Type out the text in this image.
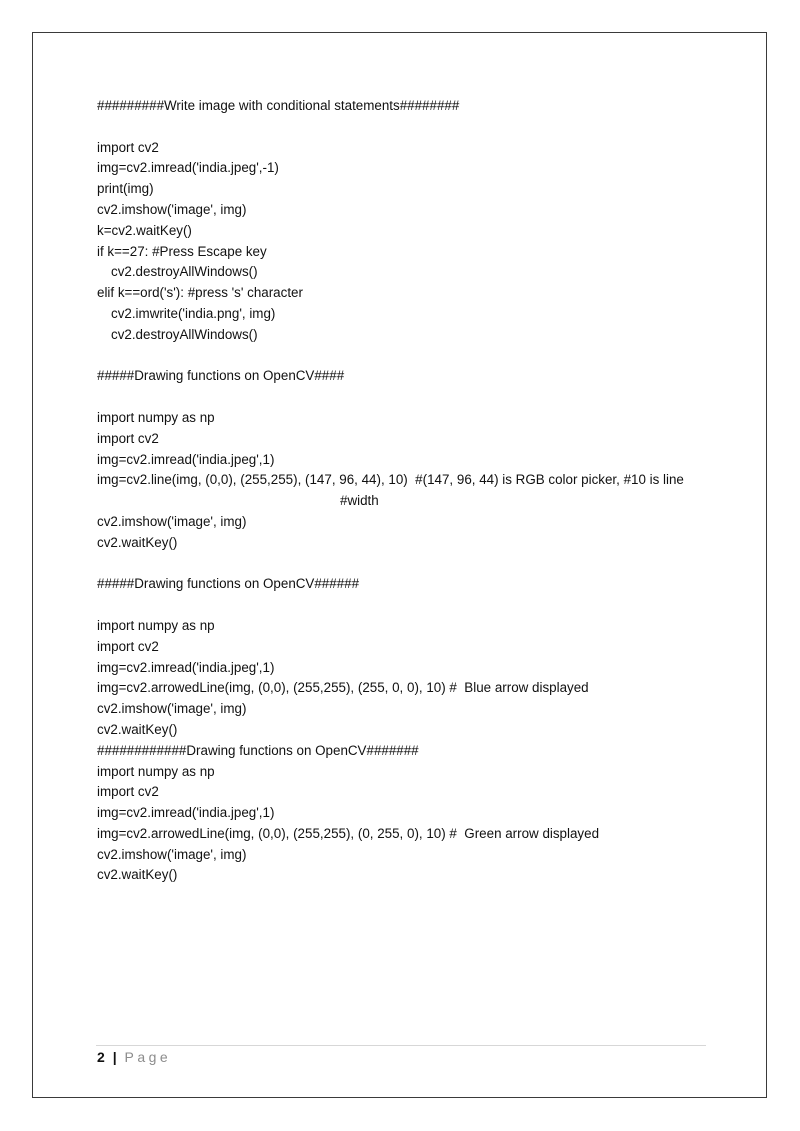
#########Write image with conditional statements########
import cv2
img=cv2.imread('india.jpeg',-1)
print(img)
cv2.imshow('image', img)
k=cv2.waitKey()
if k==27: #Press Escape key
cv2.destroyAllWindows()
elif k==ord('s'): #press 's' character
cv2.imwrite('india.png', img)
cv2.destroyAllWindows()
#####Drawing functions on OpenCV####
import numpy as np
import cv2
img=cv2.imread('india.jpeg',1)
img=cv2.line(img, (0,0), (255,255), (147, 96, 44), 10)  #(147, 96, 44) is RGB color picker, #10 is line
#width
cv2.imshow('image', img)
cv2.waitKey()
#####Drawing functions on OpenCV######
import numpy as np
import cv2
img=cv2.imread('india.jpeg',1)
img=cv2.arrowedLine(img, (0,0), (255,255), (255, 0, 0), 10) #  Blue arrow displayed
cv2.imshow('image', img)
cv2.waitKey()
############Drawing functions on OpenCV#######
import numpy as np
import cv2
img=cv2.imread('india.jpeg',1)
img=cv2.arrowedLine(img, (0,0), (255,255), (0, 255, 0), 10) #  Green arrow displayed
cv2.imshow('image', img)
cv2.waitKey()
2 | Page
